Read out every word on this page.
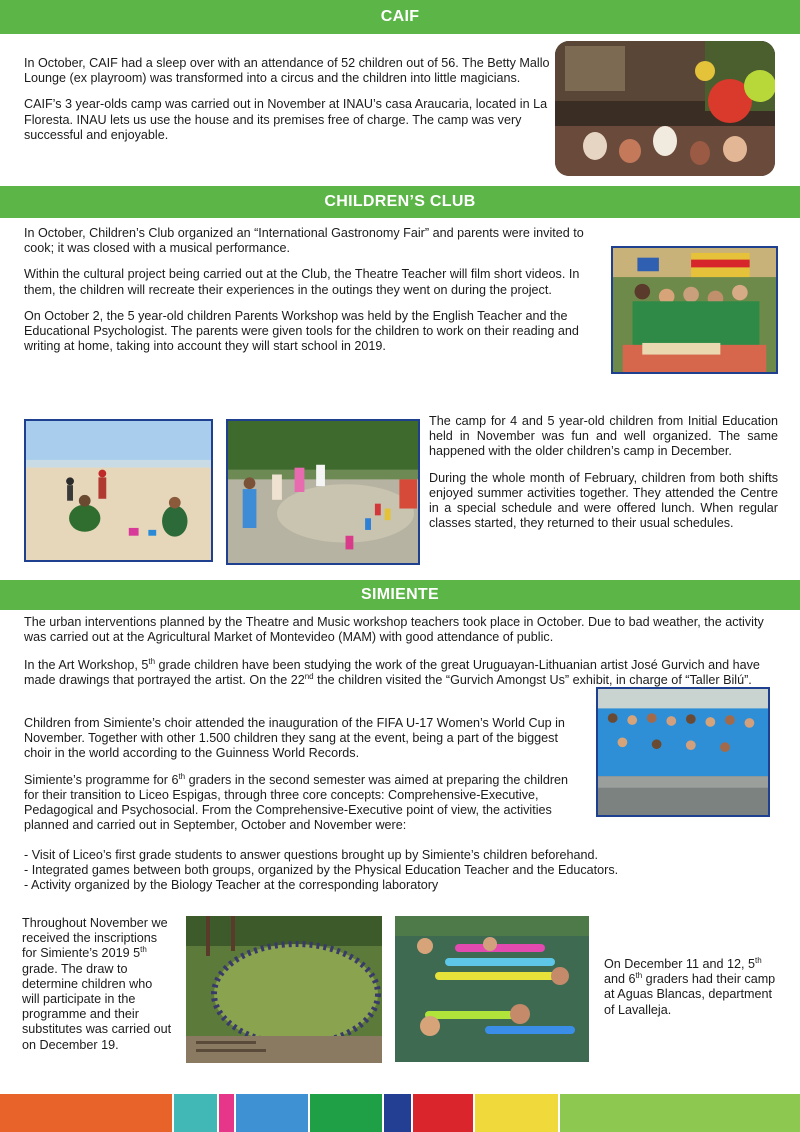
CAIF

In October, CAIF had a sleep over with an attendance of 52 children out of 56. The Betty Mallo Lounge (ex playroom) was transformed into a circus and the children into little magicians.

CAIF’s 3 year-olds camp was carried out in November at INAU’s casa Araucaria, located in La Floresta. INAU lets us use the house and its premises free of charge. The camp was very successful and enjoyable.

CHILDREN’S CLUB

In October, Children’s Club organized an “International Gastronomy Fair” and parents were invited to cook; it was closed with a musical performance.

Within the cultural project being carried out at the Club, the Theatre Teacher will film short videos. In them, the children will recreate their experiences in the outings they went on during the project.

On October 2, the 5 year-old children Parents Workshop was held by the English Teacher and the Educational Psychologist. The parents were given tools for the children to work on their reading and writing at home, taking into account they will start school in 2019.

The camp for 4 and 5 year-old children from Initial Education held in November was fun and well organized. The same happened with the older children’s camp in December.

During the whole month of February, children from both shifts enjoyed summer activities together. They attended the Centre in a special schedule and were offered lunch. When regular classes started, they returned to their usual schedules.

SIMIENTE

The urban interventions planned by the Theatre and Music workshop teachers took place in October. Due to bad weather, the activity was carried out at the Agricultural Market of Montevideo (MAM) with good attendance of public.

In the Art Workshop, 5th grade children have been studying the work of the great Uruguayan-Lithuanian artist José Gurvich and have made drawings that portrayed the artist. On the 22nd the children visited the “Gurvich Amongst Us” exhibit, in charge of “Taller Bilú”.

Children from Simiente’s choir attended the inauguration of the FIFA U-17 Women’s World Cup in November. Together with other 1.500 children they sang at the event, being a part of the biggest choir in the world according to the Guinness World Records.

Simiente’s programme for 6th graders in the second semester was aimed at preparing the children for their transition to Liceo Espigas, through three core concepts: Comprehensive-Executive, Pedagogical and Psychosocial. From the Comprehensive-Executive point of view, the activities planned and carried out in September, October and November were:

- Visit of Liceo’s first grade students to answer questions brought up by Simiente’s children beforehand.
- Integrated games between both groups, organized by the Physical Education Teacher and the Educators.
- Activity organized by the Biology Teacher at the corresponding laboratory

Throughout November we received the inscriptions for Simiente’s 2019 5th grade. The draw to determine children who will participate in the programme and their substitutes was carried out on December 19.

On December 11 and 12, 5th and 6th graders had their camp at Aguas Blancas, department of Lavalleja.
